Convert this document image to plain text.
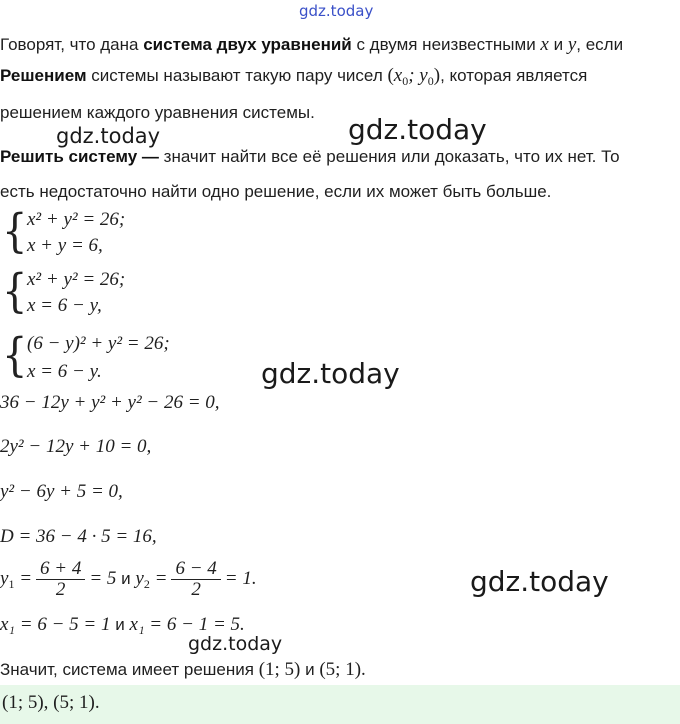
gdz.today
gdz.today	gdz.today
gdz.today
gdz.today
gdz.today
Говорят, что дана система двух уравнений с двумя неизвестными x и y, если
Решением системы называют такую пару чисел ($x_0$; $y_0$), которая является
решением каждого уравнения системы.
Решить систему — значит найти все её решения или доказать, что их нет. То
есть недостаточно найти одно решение, если их может быть больше.
{ x² + y² = 26;
x + y = 6,
{ x² + y² = 26;
x = 6 − y,
{ (6 − y)² + y² = 26;
x = 6 − y.
36 − 12y + y² + y² − 26 = 0,
2y² − 12y + 10 = 0,
y² − 6y + 5 = 0,
D = 36 − 4 · 5 = 16,
$y_1 = \frac{6 + 4}{2} = 5$ и $y_2 = \frac{6 - 4}{2} = 1$.
x₁ = 6 − 5 = 1 и x₁ = 6 − 1 = 5.
Значит, система имеет решения (1; 5) и (5; 1).
(1; 5), (5; 1).
